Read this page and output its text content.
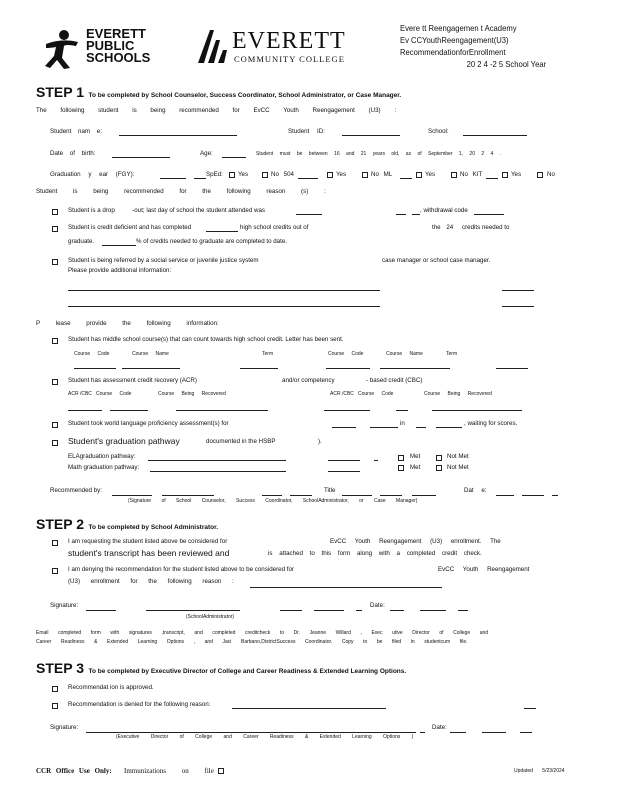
EVERETT
PUBLIC
SCHOOLS
EVERETT
COMMUNITY COLLEGE
Evere tt Reengagemen t Academy
Ev CCYouthReengagement(U3)
RecommendationforEnrollment
20 2 4 -2 5 School Year
STEP 1 To be completed by School Counselor, Success Coordinator, School Administrator, or Case Manager.
The following student is being recommended for EvCC Youth Reengagement (U3) :
Student nam e:	Student ID:	School:
Date of birth:	Age:	Student must be between 16 and 21 years old, as of September 1, 20 2 4 .
Graduation y ear (FGY):	SpEd: Yes	No 504	Yes	No ML	Yes	No KIT	Yes	No
Student is being recommended for the following reason (s) :
Student is a drop	-out; last day of school the student attended was	, withdrawal code
Student is credit deficient and has completed	high school credits out of	the 24 credits needed to
graduate.	% of credits needed to graduate are completed to date.
Student is being referred by a social service or juvenile justice system	case manager or school case manager.
Please provide additional information:
P lease provide the following information:
Student has middle school course(s) that can count towards high school credit. Letter has been sent.
Course Code	Course Name	Term	Course Code	Course Name	Term
Student has assessment credit recovery (ACR)	and/or competency	- based credit (CBC)
ACR /CBC Course Code	Course Being Recovered	ACR /CBC Course Code	Course Being Recovered
Student took world language proficiency assessment(s) for	in	, waiting for scores.
Student's graduation pathway	documented in the HSBP	).
ELAgraduation pathway:	Met	Not Met
Math graduation pathway:	Met	Not Met
Recommended by:	Title	Dat e:
(Signature of School Counselor, Success Coordinator, SchoolAdministrator, or Case Manager)
STEP 2 To be completed by School Administrator.
I am requesting the student listed above be considered for	EvCC Youth Reengagement (U3) enrollment. The
student's transcript has been reviewed and	is attached to this form along with a completed credit check.
I am denying the recommendation for the student listed above to be considered for	EvCC Youth Reengagement
(U3) enrollment for the following reason :
Signature:	Date:
(SchoolAdministrator)
Email completed form with signatures ,transcript, and completed creditcheck to Dr. Jeanne Willard , Exec utive Director of College and
Career Readiness & Extended Learning Options , and Jaci Barbano,DistrictSuccess Coordinator. Copy to be filed in studentcum file.
STEP 3 To be completed by Executive Director of College and Career Readiness & Extended Learning Options.
Recommendat ion is approved.
Recommendation is denied for the following reason:
Signature:	Date:
(Executive Director of College and Career Readiness & Extended Learning Options )
CCR Office Use Only: Immunizations on file	Updated 5/23/2024
